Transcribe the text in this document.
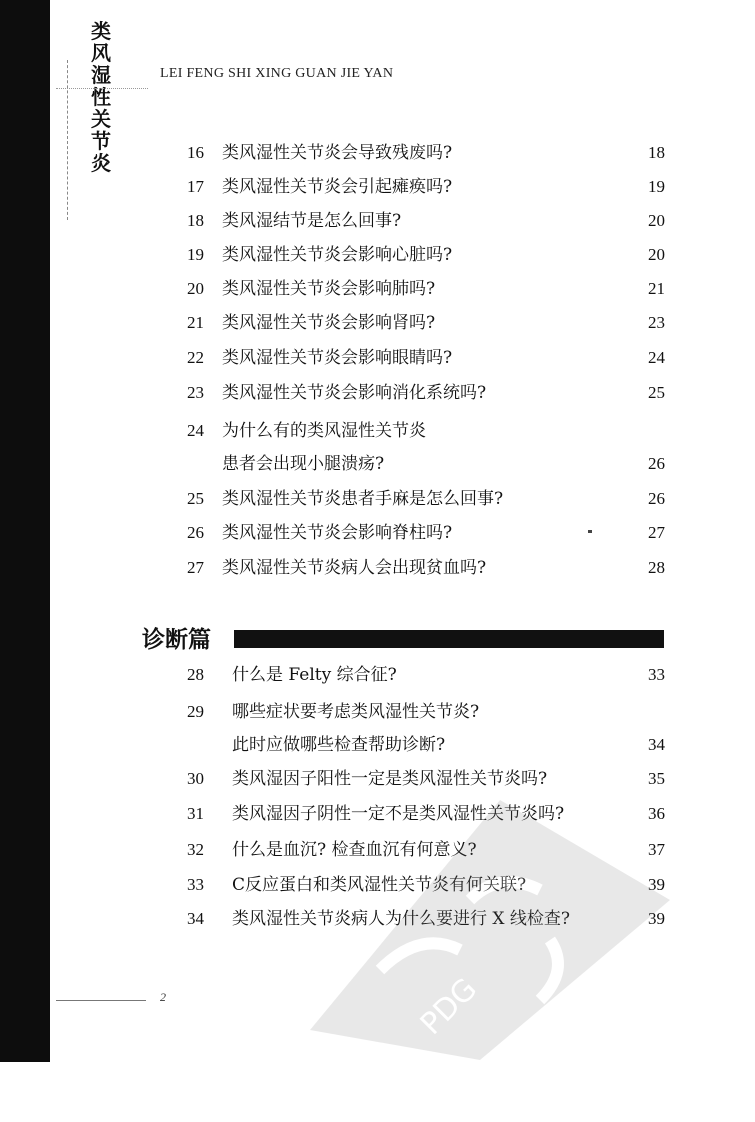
类
风
湿
性
关
节
炎
LEI FENG SHI XING GUAN JIE YAN
16 类风湿性关节炎会导致残废吗?	18
17 类风湿性关节炎会引起瘫痪吗?	19
18 类风湿结节是怎么回事?	20
19 类风湿性关节炎会影响心脏吗?	20
20 类风湿性关节炎会影响肺吗?	21
21 类风湿性关节炎会影响肾吗?	23
22 类风湿性关节炎会影响眼睛吗?	24
23 类风湿性关节炎会影响消化系统吗?	25
24 为什么有的类风湿性关节炎
患者会出现小腿溃疡?	26
25 类风湿性关节炎患者手麻是怎么回事?	26
26 类风湿性关节炎会影响脊柱吗?	27
27 类风湿性关节炎病人会出现贫血吗?	28
诊断篇
28 什么是 Felty 综合征?	33
29 哪些症状要考虑类风湿性关节炎?
此时应做哪些检查帮助诊断?	34
30 类风湿因子阳性一定是类风湿性关节炎吗?	35
31 类风湿因子阴性一定不是类风湿性关节炎吗?	36
32 什么是血沉? 检查血沉有何意义?	37
33 C反应蛋白和类风湿性关节炎有何关联?	39
34 类风湿性关节炎病人为什么要进行 X 线检查?	39
2	PDG
